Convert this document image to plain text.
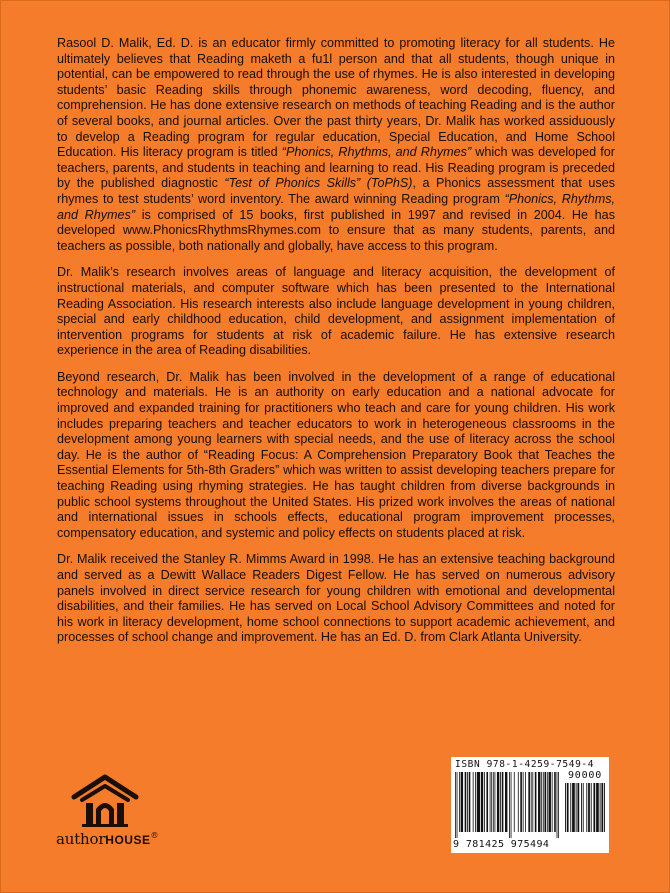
Rasool D. Malik, Ed. D. is an educator firmly committed to promoting literacy for all students. He ultimately believes that Reading maketh a fu1l person and that all students, though unique in potential, can be empowered to read through the use of rhymes. He is also interested in developing students’ basic Reading skills through phonemic awareness, word decoding, fluency, and comprehension. He has done extensive research on methods of teaching Reading and is the author of several books, and journal articles. Over the past thirty years, Dr. Malik has worked assiduously to develop a Reading program for regular education, Special Education, and Home School Education. His literacy program is titled “Phonics, Rhythms, and Rhymes” which was developed for teachers, parents, and students in teaching and learning to read. His Reading program is preceded by the published diagnostic “Test of Phonics Skills” (ToPhS), a Phonics assessment that uses rhymes to test students’ word inventory. The award winning Reading program “Phonics, Rhythms, and Rhymes” is comprised of 15 books, first published in 1997 and revised in 2004. He has developed www.PhonicsRhythmsRhymes.com to ensure that as many students, parents, and teachers as possible, both nationally and globally, have access to this program.

Dr. Malik’s research involves areas of language and literacy acquisition, the development of instructional materials, and computer software which has been presented to the International Reading Association. His research interests also include language development in young children, special and early childhood education, child development, and assignment implementation of intervention programs for students at risk of academic failure. He has extensive research experience in the area of Reading disabilities.

Beyond research, Dr. Malik has been involved in the development of a range of educational technology and materials. He is an authority on early education and a national advocate for improved and expanded training for practitioners who teach and care for young children. His work includes preparing teachers and teacher educators to work in heterogeneous classrooms in the development among young learners with special needs, and the use of literacy across the school day. He is the author of “Reading Focus: A Comprehension Preparatory Book that Teaches the Essential Elements for 5th-8th Graders” which was written to assist developing teachers prepare for teaching Reading using rhyming strategies. He has taught children from diverse backgrounds in public school systems throughout the United States. His prized work involves the areas of national and international issues in schools effects, educational program improvement processes, compensatory education, and systemic and policy effects on students placed at risk.

Dr. Malik received the Stanley R. Mimms Award in 1998. He has an extensive teaching background and served as a Dewitt Wallace Readers Digest Fellow. He has served on numerous advisory panels involved in direct service research for young children with emotional and developmental disabilities, and their families. He has served on Local School Advisory Committees and noted for his work in literacy development, home school connections to support academic achievement, and processes of school change and improvement. He has an Ed. D. from Clark Atlanta University.

authorHOUSE®
ISBN 978-1-4259-7549-4
90000
9 781425 975494
